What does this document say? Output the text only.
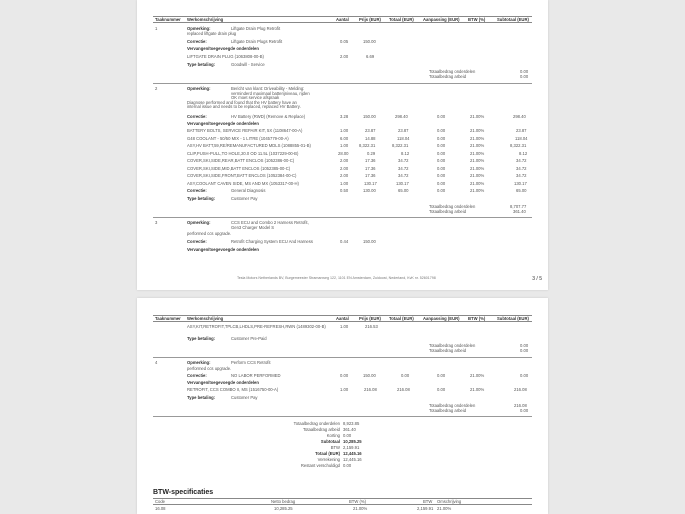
Taaknummer Werkomschrijving	Aantal Prijs (EUR) Totaal (EUR) Aanpassing (EUR) BTW (%)	Subtotaal (EUR)
1	Opmerking:	Liftgate Drain Plug Retrofit
replaced liftgate drain plug
Correctie:	Liftgate Drain Plugs Retrofit	0.05	150.00
Vervangen/toegevoegde onderdelen
LIFTGATE DRAIN PLUG (1063808-00-B)	2.00	6.69
Type betaling:	Goodwill - Service
Totaalbedrag onderdelen	0.00
Totaalbedrag arbeid	0.00
2	Opmerking:	Bericht van klant: Driveability - Melding:
verminderd maximaal batterijniveau, rijden
OK moet service afspraak
Diagnose performed and found that the HV battery have an
internal issue and needs to be replaced, replaced HV Battery.
Correctie:	HV Battery (RWD) (Remove & Replace)	3.28	150.00	298.40	0.00	21.00%	298.40
Vervangen/toegevoegde onderdelen
BATTERY BOLTS, SERVICE REPAIR KIT, 5X (1108647-00-A)	1.00	23.87	23.87	0.00	21.00%	23.87
G48 COOLANT - 50/50 MIX - 1 LITRE (1045779-00-A)	6.00	14.88	118.04	0.00	21.00%	118.04
ASY,HV BATT,59,RE/REMANUFACTURED MDLS (1088855-01-B)	1.00	8,322.31	8,322.31	0.00	21.00%	8,322.31
CLIP,PUSH-PULL,TO HOLE,20.0 OD 11.5L (1037229-00-B)	28.00	0.29	8.12	0.00	21.00%	8.12
COVER,SKI,SIDE,REAR,BATT ENCLOS (1052386-00-C)	2.00	17.36	34.72	0.00	21.00%	34.72
COVER,SKI,SIDE,MID,BATT ENCLOS (1052385-00-C)	2.00	17.36	34.72	0.00	21.00%	34.72
COVER,SKI,SIDE,FRONT,BATT ENCLOS (1052384-00-C)	2.00	17.36	34.72	0.00	21.00%	34.72
ASY,COOLANT CAVEN SIDE, MS AND MX (1053317-00-H)	1.00	130.17	130.17	0.00	21.00%	130.17
Correctie:	General Diagnosis	0.50	130.00	65.00	0.00	21.00%	65.00
Type betaling:	Customer Pay
Totaalbedrag onderdelen	8,707.77
Totaalbedrag arbeid	361.40
3	Opmerking:	CCS ECU and Combo 2 Harness Retrofit,
Gen3 Charger Model S
performed ccs upgrade.
Correctie:	Retrofit Charging System ECU And Harness	0.44	150.00
Vervangen/toegevoegde onderdelen
Tesla Motors Netherlands BV, Burgemeester Stramanweg 122, 1101 EN Amsterdam, Zuidoost, Nederland, KvK nr. 52601798	3 / 5
Taaknummer Werkomschrijving	Aantal Prijs (EUR) Totaal (EUR) Aanpassing (EUR) BTW (%)	Subtotaal (EUR)
ASY,KIT,RETROFIT,TPLCB,LHDLS,PRE-REFRESH,RWN (1489302-00-B)	1.00	216.53
Type betaling:	Customer Pre-Paid
Totaalbedrag onderdelen	0.00
Totaalbedrag arbeid	0.00
4	Opmerking:	Perform CCS Retrofit
performed ccs upgrade.
Correctie:	NO LABOR PERFORMED	0.00	150.00	0.00	0.00	21.00%	0.00
Vervangen/toegevoegde onderdelen
RETROFIT, CCS COMBO II, MS (1516750-00-A)	1.00	216.08	216.08	0.00	21.00%	216.08
Type betaling:	Customer Pay
Totaalbedrag onderdelen	216.08
Totaalbedrag arbeid	0.00
Totaalbedrag onderdelen 8,923.85
Totaalbedrag arbeid 361.40
Korting 0.00
Subtotaal 10,285.25
BTW 2,159.91
Totaal (EUR) 12,445.16
Verrekening 12,445.16
Restant verschuldigd 0.00
BTW-specificaties
Code	Netto bedrag	BTW (%)	BTW Omschrijving
16.08	10,285.25	21.00%	2,159.91 21.00%
